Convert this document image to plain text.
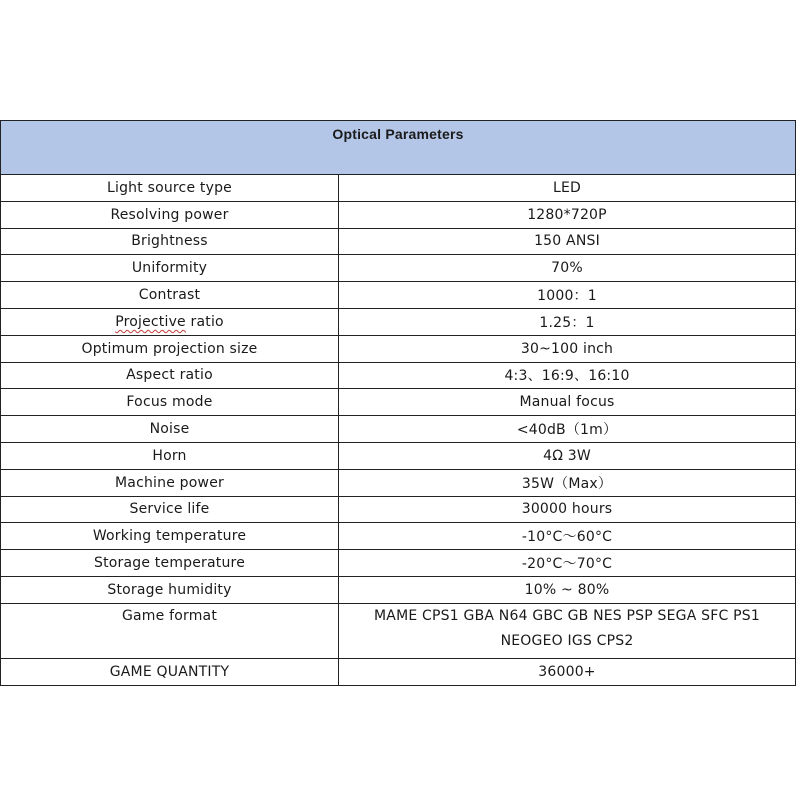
Optical Parameters	
Light source type	LED
Resolving power	1280*720P
Brightness	150 ANSI
Uniformity	70%
Contrast	1000：1
Projective ratio	1.25：1
Optimum projection size	30~100 inch
Aspect ratio	4:3、16:9、16:10
Focus mode	Manual focus
Noise	<40dB（1m）
Horn	4Ω 3W
Machine power	35W（Max）
Service life	30000 hours
Working temperature	-10°C～60°C
Storage temperature	-20°C～70°C
Storage humidity	10% ~ 80%
Game format	MAME CPS1 GBA N64 GBC GB NES PSP SEGA SFC PS1 NEOGEO IGS CPS2
GAME QUANTITY	36000+
